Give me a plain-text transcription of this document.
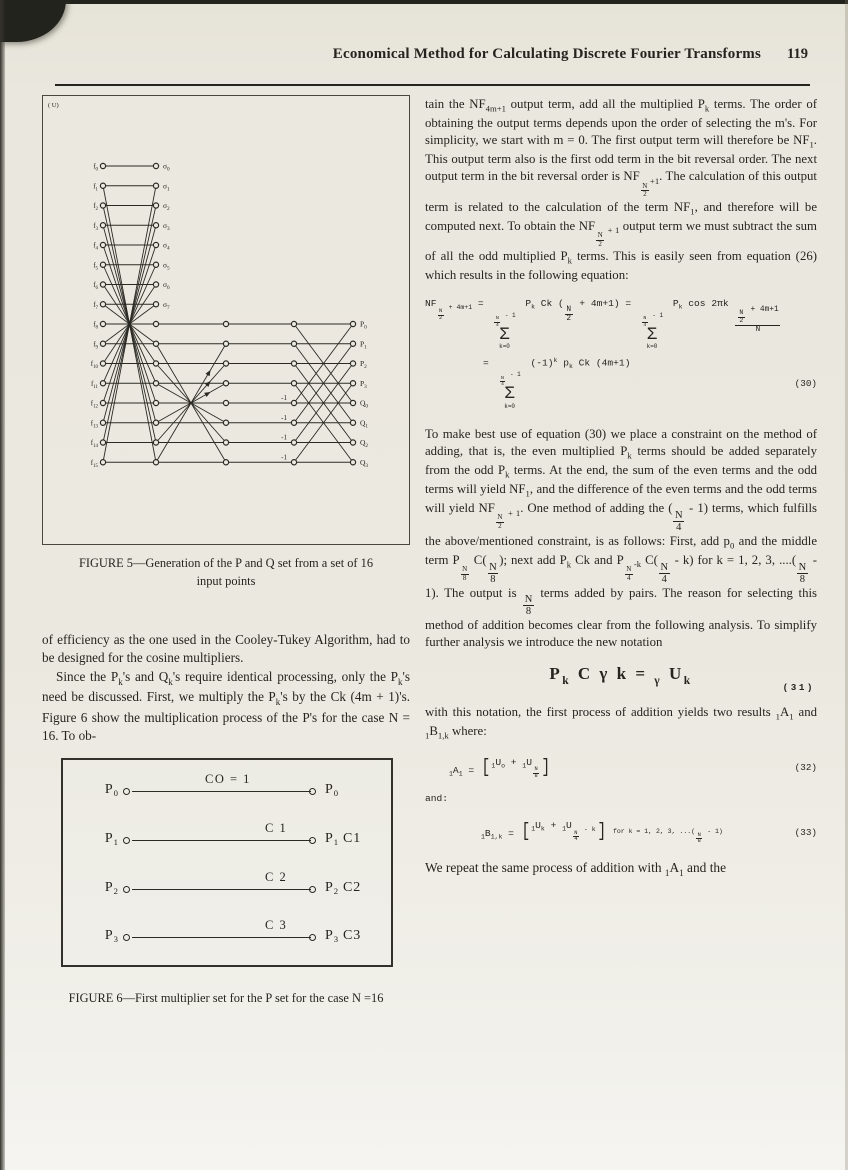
Economical Method for Calculating Discrete Fourier Transforms 119
( U)
$f_0$
$f_1$
$f_2$
$f_3$
$f_4$
$f_5$
$f_6$
$f_7$
$f_8$
$f_9$
$f_{10}$
$f_{11}$
$f_{12}$
$f_{13}$
$f_{14}$
$f_{15}$
$\sigma_0$
$\sigma_1$
$\sigma_2$
$\sigma_3$
$\sigma_4$
$\sigma_5$
$\sigma_6$
$\sigma_7$
$P_0$
$P_1$
$P_2$
$P_3$
$Q_0$
$Q_1$
$Q_2$
$Q_3$
-1
-1
-1
-1
FIGURE 5—Generation of the P and Q set from a set of 16
input points

of efficiency as the one used in the Cooley-Tukey Algorithm, had to be designed for the cosine multipliers.

Since the $P_k's$ and $Q_k's$ require identical processing, only the $P_k's$ need be discussed. First, we multiply the $P_k's$ by the Ck (4m + 1)'s. Figure 6 show the multiplication process of the P's for the case N = 16. To ob-

$P_0$
CO = 1
$P_0$
$P_1$
C 1
$P_1$ C1
$P_2$
C 2
$P_2$ C2
$P_3$
C 3
$P_3$ C3
FIGURE 6—First multiplier set for the P set for the case N =16

tain the $NF_{4m+1}$ output term, add all the multiplied $P_k$ terms. The order of obtaining the output terms depends upon the order of selecting the m's. For simplicity, we start with m = 0. The first output term will therefore be $NF_1$. This output term also is the first odd term in the bit reversal order. The next output term in the bit reversal order is NF
$_{\frac{N}{2} +1}$. The calculation of this output term is related to the calculation of the term $NF_1$, and therefore will be computed next. To obtain the NF
$_{\frac{N}{2} + 1}$ output term we must subtract the sum of all the odd multiplied $P_k$ terms. This is easily seen from equation (26) which results in the following equation:

NF
$_{\frac{N}{2} + 4m+1}$ =
$\frac{N}{4}$
- 1
Σ
k=0
$P_k$ Ck (
$\frac{N}{2}$
+ 4m+1) =
$\frac{N}{4}$
- 1
Σ
k=0
$P_k$ cos 2πk
$\frac{N}{2}$
+ 4m+1
N
=
$\frac{N}{4}$
- 1
Σ
k=0
$(-1)^k$ $p_k$ Ck (4m+1)
(30)

To make best use of equation (30) we place a constraint on the method of adding, that is, the even multiplied $P_k$ terms should be added separately from the odd $P_k$ terms. At the end, the sum of the even terms and the odd terms will yield $NF_1$, and the difference of the even terms and the odd terms will yield NF
$_{\frac{N}{2} + 1}$. One method of adding the (
$\frac{N}{4}$
- 1) terms, which fulfills the above/mentioned constraint, is as follows: First, add $p_0$ and the middle term P
$_{\frac{N}{8}}$
C(
$\frac{N}{8}$
); next add $P_k$ Ck and P
$_{\frac{N}{4} -k}$ C(
$\frac{N}{4}$
- k) for k = 1, 2, 3, ....(
$\frac{N}{8}$
- 1). The output is
$\frac{N}{8}$
terms added by pairs. The reason for selecting this method of addition becomes clear from the following analysis. To simplify further analysis we introduce the new notation

$P_k$ C γ k = $_\gamma$ $U_k$
(31)

with this notation, the first process of addition yields two results $_1A_1$ and $_1B_{1,k}$ where:

$_1A_1$ = [ $_1U_o + _1U$
$_{\frac{N}{8}}$ ]	(32)
and:
$_1B_{1,k}$ = [ $_1U_k + _1U$
$_{\frac{N}{4} - k}$ ] $^{for k = 1, 2, 3, ...( \frac{N}{8} - 1)}$	(33)

We repeat the same process of addition with $_1A_1$ and the
